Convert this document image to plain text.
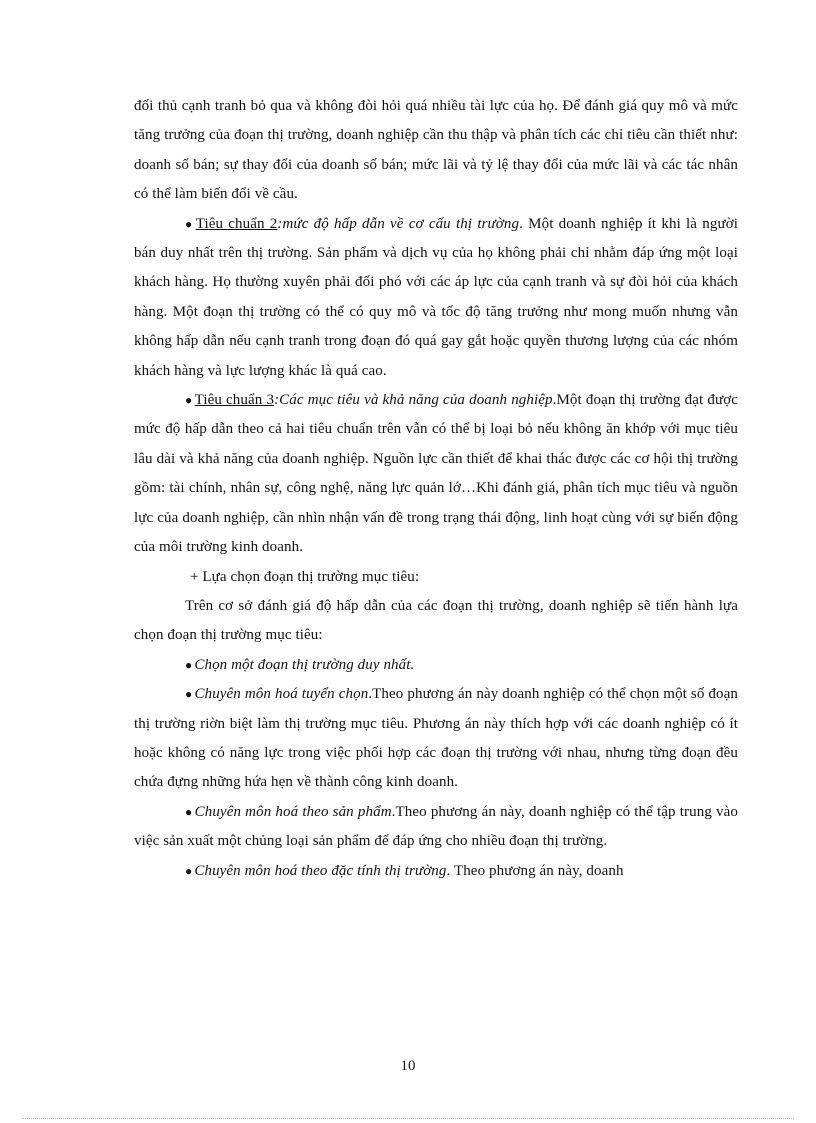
đối thủ cạnh tranh bỏ qua và không đòi hỏi quá nhiều tài lực của họ. Để đánh giá quy mô và mức tăng trưởng của đoạn thị trường, doanh nghiệp cần thu thập và phân tích các chỉ tiêu cần thiết như: doanh số bán; sự thay đổi của doanh số bán; mức lãi và tỷ lệ thay đổi của mức lãi và các tác nhân có thể làm biến đổi về cầu.

● Tiêu chuẩn 2:mức độ hấp dẫn về cơ cấu thị trường. Một doanh nghiệp ít khi là người bán duy nhất trên thị trường. Sản phẩm và dịch vụ của họ không phải chỉ nhằm đáp ứng một loại khách hàng. Họ thường xuyên phải đối phó với các áp lực của cạnh tranh và sự đòi hỏi của khách hàng. Một đoạn thị trường có thể có quy mô và tốc độ tăng trưởng như mong muốn nhưng vẫn không hấp dẫn nếu cạnh tranh trong đoạn đó quá gay gắt hoặc quyền thương lượng của các nhóm khách hàng và lực lượng khác là quá cao.

● Tiêu chuẩn 3:Các mục tiêu và khả năng của doanh nghiệp.Một đoạn thị trường đạt được mức độ hấp dẫn theo cả hai tiêu chuẩn trên vẫn có thể bị loại bỏ nếu không ăn khớp với mục tiêu lâu dài và khả năng của doanh nghiệp. Nguồn lực cần thiết để khai thác được các cơ hội thị trường gồm: tài chính, nhân sự, công nghệ, năng lực quản lớ…Khi đánh giá, phân tích mục tiêu và nguồn lực của doanh nghiệp, cần nhìn nhận vấn đề trong trạng thái động, linh hoạt cùng với sự biến động của môi trường kinh doanh.

+ Lựa chọn đoạn thị trường mục tiêu:

Trên cơ sở đánh giá độ hấp dẫn của các đoạn thị trường, doanh nghiệp sẽ tiến hành lựa chọn đoạn thị trường mục tiêu:

● Chọn một đoạn thị trường duy nhất.

● Chuyên môn hoá tuyển chọn.Theo phương án này doanh nghiệp có thể chọn một số đoạn thị trường riờn biệt làm thị trường mục tiêu. Phương án này thích hợp với các doanh nghiệp có ít hoặc không có năng lực trong việc phối hợp các đoạn thị trường với nhau, nhưng từng đoạn đều chứa đựng những hứa hẹn về thành công kinh doanh.

● Chuyên môn hoá theo sản phẩm.Theo phương án này, doanh nghiệp có thể tập trung vào việc sản xuất một chủng loại sản phẩm để đáp ứng cho nhiều đoạn thị trường.

● Chuyên môn hoá theo đặc tính thị trường. Theo phương án này, doanh

10
